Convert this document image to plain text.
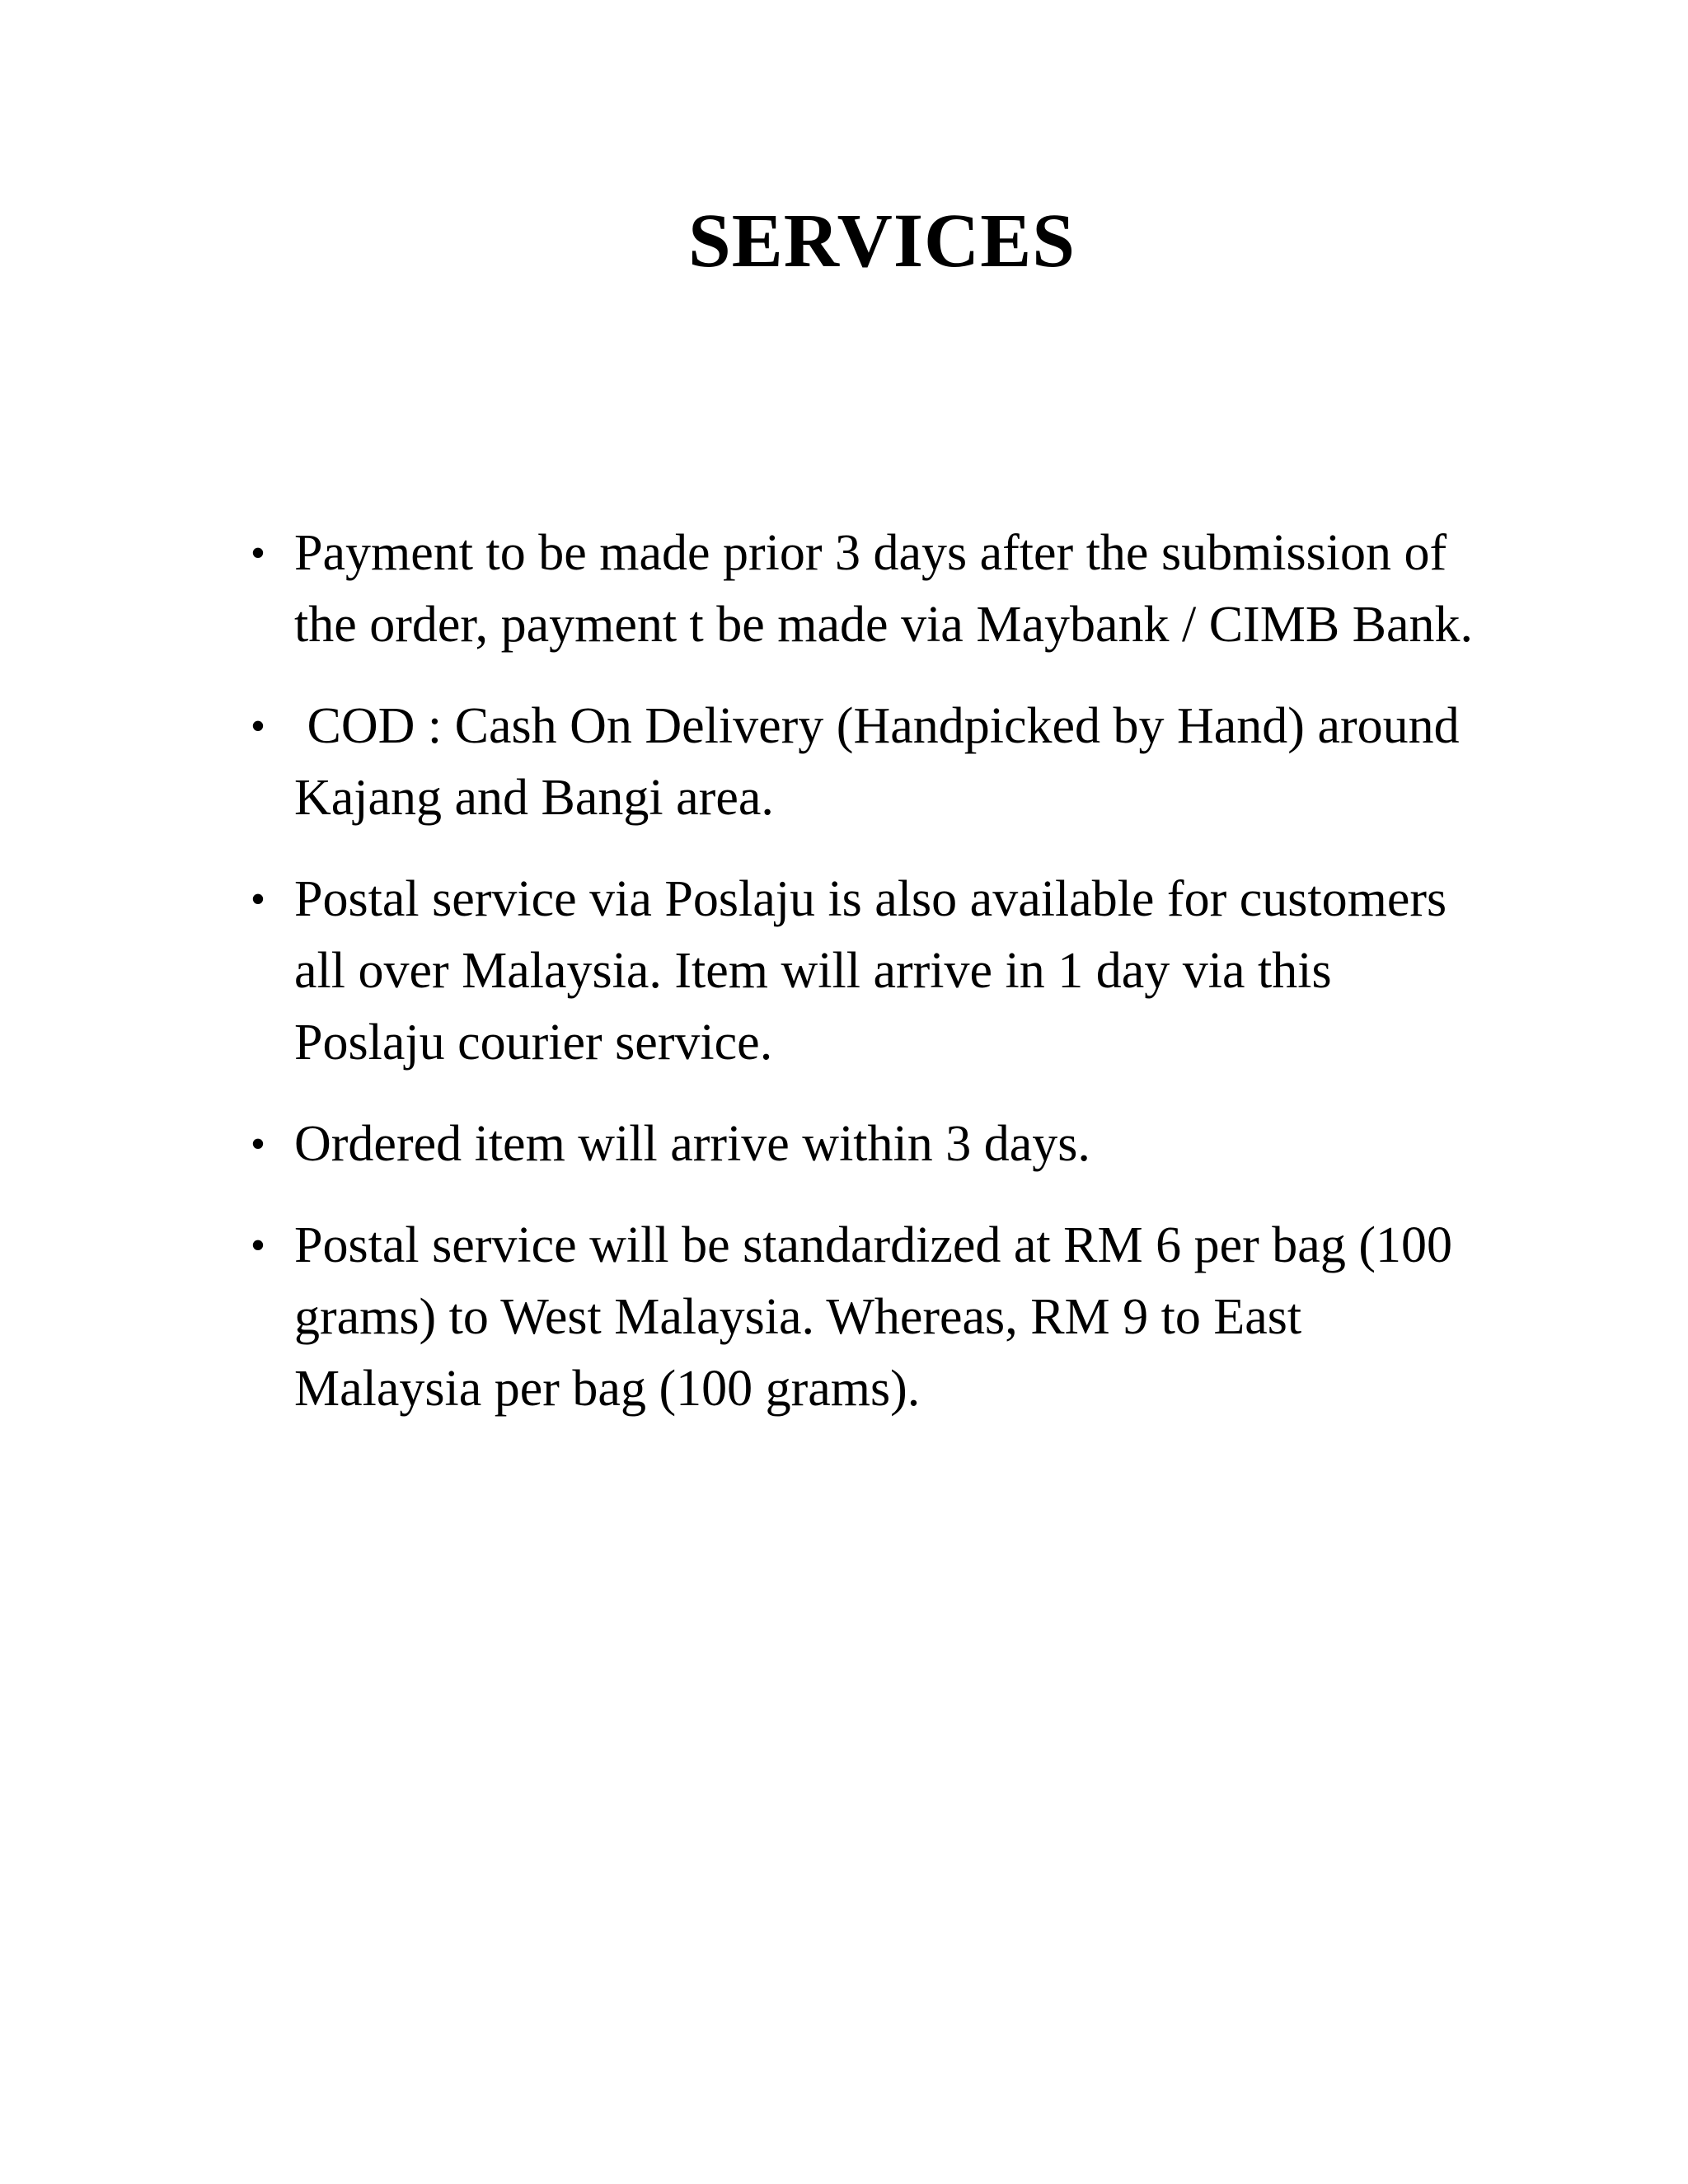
SERVICES
• Payment to be made prior 3 days after the submission of the order, payment t be made via Maybank / CIMB Bank.
• COD : Cash On Delivery (Handpicked by Hand) around Kajang and Bangi area.
• Postal service via Poslaju is also available for customers all over Malaysia. Item will arrive in 1 day via this Poslaju courier service.
• Ordered item will arrive within 3 days.
• Postal service will be standardized at RM 6 per bag (100 grams) to West Malaysia. Whereas, RM 9 to East Malaysia per bag (100 grams).
